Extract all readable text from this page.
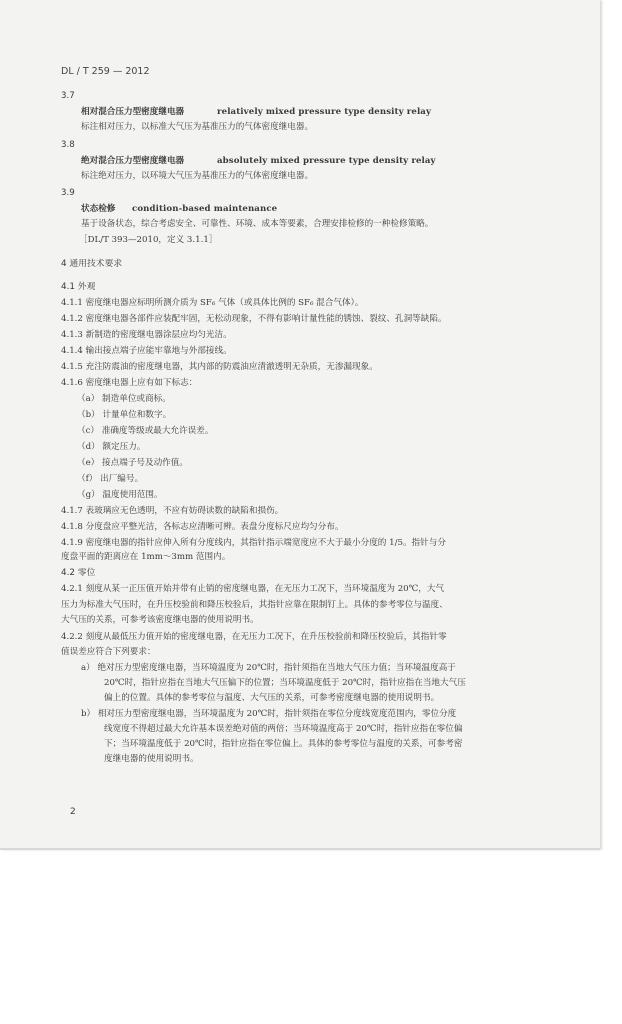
DL / T 259 — 2012
3.7
相对混合压力型密度继电器	relatively mixed pressure type density relay
标注相对压力，以标准大气压为基准压力的气体密度继电器。
3.8
绝对混合压力型密度继电器	absolutely mixed pressure type density relay
标注绝对压力，以环境大气压为基准压力的气体密度继电器。
3.9
状态检修 condition-based maintenance
基于设备状态，综合考虑安全、可靠性、环境、成本等要素，合理安排检修的一种检修策略。
［DL/T 393—2010，定义 3.1.1］
4 通用技术要求
4.1 外观
4.1.1 密度继电器应标明所测介质为 SF₆ 气体（或具体比例的 SF₆ 混合气体）。
4.1.2 密度继电器各部件应装配牢固，无松动现象，不得有影响计量性能的锈蚀、裂纹、孔洞等缺陷。
4.1.3 新制造的密度继电器涂层应均匀光洁。
4.1.4 输出接点端子应能牢靠地与外部接线。
4.1.5 充注防震油的密度继电器，其内部的防震油应清澈透明无杂质，无渗漏现象。
4.1.6 密度继电器上应有如下标志：
（a） 制造单位或商标。
（b） 计量单位和数字。
（c） 准确度等级或最大允许误差。
（d） 额定压力。
（e） 接点端子号及动作值。
（f） 出厂编号。
（g） 温度使用范围。
4.1.7 表玻璃应无色透明，不应有妨碍读数的缺陷和损伤。
4.1.8 分度盘应平整光洁，各标志应清晰可辨。表盘分度标尺应均匀分布。
4.1.9 密度继电器的指针应伸入所有分度线内，其指针指示端宽度应不大于最小分度的 1/5。指针与分
度盘平面的距离应在 1mm～3mm 范围内。
4.2 零位
4.2.1 刻度从某一正压值开始并带有止销的密度继电器，在无压力工况下，当环境温度为 20℃，大气
压力为标准大气压时，在升压校验前和降压校验后，其指针应靠在限制钉上。具体的参考零位与温度、
大气压的关系，可参考该密度继电器的使用说明书。
4.2.2 刻度从最低压力值开始的密度继电器，在无压力工况下，在升压校验前和降压校验后，其指针零
值误差应符合下列要求：
a） 绝对压力型密度继电器，当环境温度为 20℃时，指针须指在当地大气压力值；当环境温度高于
20℃时，指针应指在当地大气压偏下的位置；当环境温度低于 20℃时，指针应指在当地大气压
偏上的位置。具体的参考零位与温度、大气压的关系，可参考密度继电器的使用说明书。
b） 相对压力型密度继电器，当环境温度为 20℃时，指针须指在零位分度线宽度范围内，零位分度
线宽度不得超过最大允许基本误差绝对值的两倍；当环境温度高于 20℃时，指针应指在零位偏
下；当环境温度低于 20℃时，指针应指在零位偏上。具体的参考零位与温度的关系，可参考密
度继电器的使用说明书。
2
